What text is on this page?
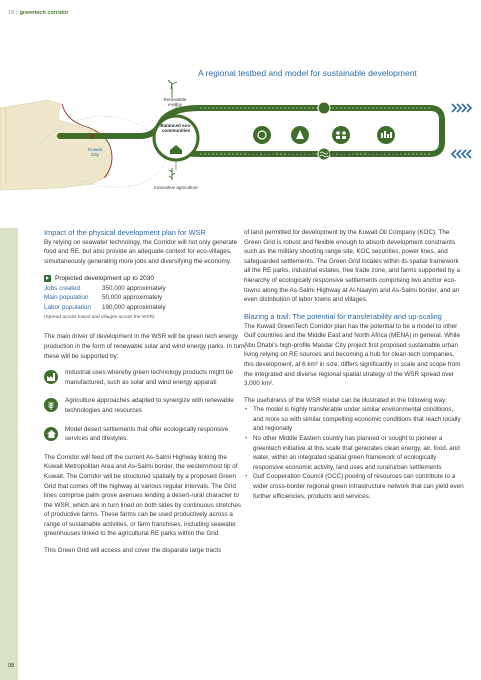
18 | greentech corridor
A regional testbed and model for sustainable development
Renewable energy
Balanced eco-communities
Kuwait City
Innovative agriculture
Clean energy	Food security	Job creation	Diverse economy
Impact of the physical development plan for WSR

By relying on seawater technology, the Corridor will not only generate food and RE, but also provide an adequate context for eco-villages, simultaneously generating more jobs and diversifying the economy.

Projected development up to 2030
Jobs created	350,000 approximately
Main population	50,000 approximately
Labor population	190,000 approximately
(Spread across towns and villages across the WSR)

The main driver of development in the WSR will be green tech energy production in the form of renewable solar and wind energy parks. In turn, these will be supported by:

Industrial uses whereby green technology products might be manufactured, such as solar and wind energy apparati
Agriculture approaches adapted to synergize with renewable technologies and resources
Model desert settlements that offer ecologically responsive services and lifestyles.

The Corridor will feed off the current As-Salmi Highway linking the Kuwait Metropolitan Area and As-Salmi border, the westernmost tip of Kuwait. The Corridor will be structured spatially by a proposed Green Grid that comes off the highway at various regular intervals. The Grid lines comprise palm grove avenues lending a desert-rural character to the WSR, which are in turn lined on both sides by continuous stretches of productive farms. These farms can be used productively across a range of sustainable activities, or farm franchises, including seawater greenhouses linked to the agricultural RE parks within the Grid.

This Green Grid will access and cover the disparate large tracts

of land permitted for development by the Kuwait Oil Company (KOC). The Green Grid is robust and flexible enough to absorb development constraints such as the military shooting range site, KOC securities, power lines, and safeguarded settlements. The Green Grid locates within its spatial framework all the RE parks, industrial estates, free trade zone, and farms supported by a hierarchy of ecologically responsive settlements comprising two anchor eco-towns along the As-Salmi Highway at Al-Naayim and As-Salmi border, and an even distribution of labor towns and villages.

Blazing a trail: The potential for transferability and up-scaling

The Kuwait GreenTech Corridor plan has the potential to be a model to other Gulf countries and the Middle East and North Africa (MENA) in general. While Abu Dhabi's high-profile Masdar City project first proposed sustainable urban living relying on RE sources and becoming a hub for clean-tech companies, this development, at 6 km² in size, differs significantly in scale and scope from the integrated and diverse regional spatial strategy of the WSR spread over 3,000 km².

The usefulness of the WSR model can be illustrated in the following way:

• The model is highly transferable under similar environmental conditions, and more so with similar compelling economic conditions that reach locally and regionally
• No other Middle Eastern country has planned or sought to pioneer a greentech initiative at this scale that generates clean energy, air, food, and water, within an integrated spatial green framework of ecologically responsive economic activity, land uses and rural/urban settlements
• Gulf Cooperation Council (GCC) pooling of resources can contribute to a wider cross-border regional green infrastructure network that can yield even further efficiencies, products and services.
08
